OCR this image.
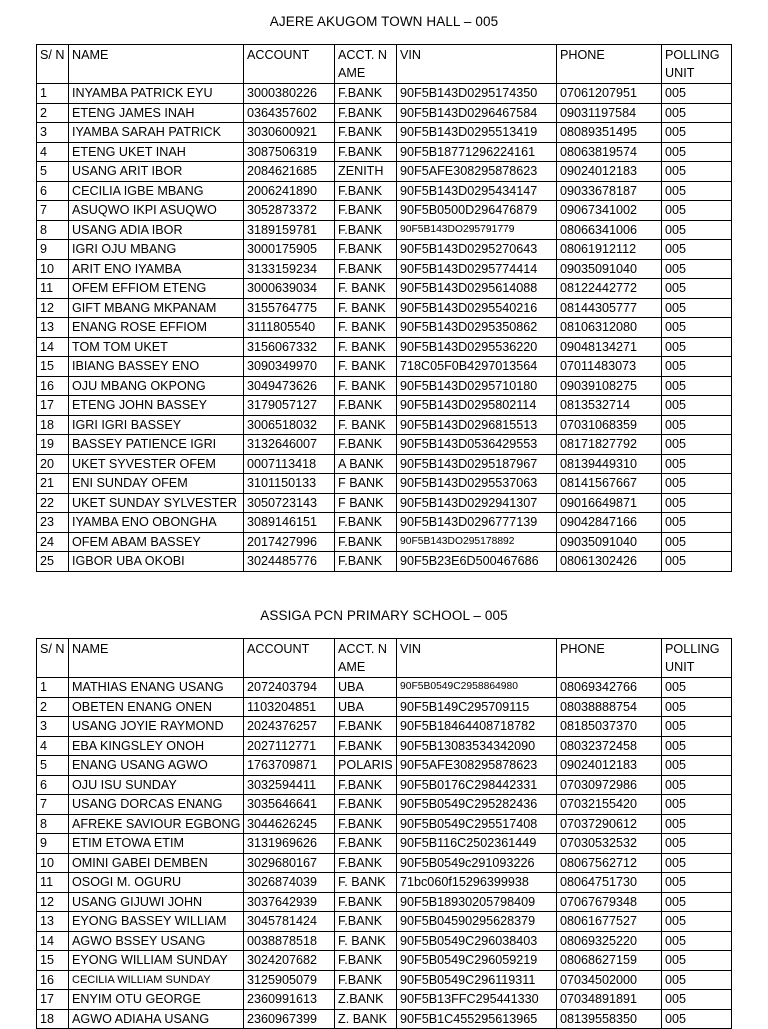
AJERE AKUGOM TOWN HALL – 005
S/ N	NAME	ACCOUNT	ACCT. NAME	VIN	PHONE	POLLING UNIT
1	INYAMBA PATRICK EYU	3000380226	F.BANK	90F5B143D0295174350	07061207951	005
2	ETENG JAMES INAH	0364357602	F.BANK	90F5B143D0296467584	09031197584	005
3	IYAMBA SARAH PATRICK	3030600921	F.BANK	90F5B143D0295513419	08089351495	005
4	ETENG UKET INAH	3087506319	F.BANK	90F5B18771296224161	08063819574	005
5	USANG ARIT IBOR	2084621685	ZENITH	90F5AFE308295878623	09024012183	005
6	CECILIA IGBE MBANG	2006241890	F.BANK	90F5B143D0295434147	09033678187	005
7	ASUQWO IKPI ASUQWO	3052873372	F.BANK	90F5B0500D296476879	09067341002	005
8	USANG ADIA IBOR	3189159781	F.BANK	90F5B143DO295791779	08066341006	005
9	IGRI OJU MBANG	3000175905	F.BANK	90F5B143D0295270643	08061912112	005
10	ARIT ENO IYAMBA	3133159234	F.BANK	90F5B143D0295774414	09035091040	005
11	OFEM EFFIOM ETENG	3000639034	F. BANK	90F5B143D0295614088	08122442772	005
12	GIFT MBANG MKPANAM	3155764775	F. BANK	90F5B143D0295540216	08144305777	005
13	ENANG ROSE EFFIOM	3111805540	F. BANK	90F5B143D0295350862	08106312080	005
14	TOM TOM UKET	3156067332	F. BANK	90F5B143D0295536220	09048134271	005
15	IBIANG BASSEY ENO	3090349970	F. BANK	718C05F0B4297013564	07011483073	005
16	OJU MBANG OKPONG	3049473626	F. BANK	90F5B143D0295710180	09039108275	005
17	ETENG JOHN BASSEY	3179057127	F.BANK	90F5B143D0295802114	0813532714	005
18	IGRI IGRI BASSEY	3006518032	F. BANK	90F5B143D0296815513	07031068359	005
19	BASSEY PATIENCE IGRI	3132646007	F.BANK	90F5B143D0536429553	08171827792	005
20	UKET SYVESTER OFEM	0007113418	A BANK	90F5B143D0295187967	08139449310	005
21	ENI SUNDAY OFEM	3101150133	F BANK	90F5B143D0295537063	08141567667	005
22	UKET SUNDAY SYLVESTER	3050723143	F BANK	90F5B143D0292941307	09016649871	005
23	IYAMBA ENO OBONGHA	3089146151	F.BANK	90F5B143D0296777139	09042847166	005
24	OFEM ABAM BASSEY	2017427996	F.BANK	90F5B143DO295178892	09035091040	005
25	IGBOR UBA OKOBI	3024485776	F.BANK	90F5B23E6D500467686	08061302426	005
ASSIGA PCN PRIMARY SCHOOL – 005
S/ N	NAME	ACCOUNT	ACCT. NAME	VIN	PHONE	POLLING UNIT
1	MATHIAS ENANG USANG	2072403794	UBA	90F5B0549C2958864980	08069342766	005
2	OBETEN ENANG ONEN	1103204851	UBA	90F5B149C295709115	08038888754	005
3	USANG JOYIE RAYMOND	2024376257	F.BANK	90F5B18464408718782	08185037370	005
4	EBA KINGSLEY ONOH	2027112771	F.BANK	90F5B13083534342090	08032372458	005
5	ENANG USANG AGWO	1763709871	POLARIS	90F5AFE308295878623	09024012183	005
6	OJU ISU SUNDAY	3032594411	F.BANK	90F5B0176C298442331	07030972986	005
7	USANG DORCAS ENANG	3035646641	F.BANK	90F5B0549C295282436	07032155420	005
8	AFREKE SAVIOUR EGBONG	3044626245	F.BANK	90F5B0549C295517408	07037290612	005
9	ETIM ETOWA ETIM	3131969626	F.BANK	90F5B116C2502361449	07030532532	005
10	OMINI GABEI DEMBEN	3029680167	F.BANK	90F5B0549c291093226	08067562712	005
11	OSOGI M. OGURU	3026874039	F. BANK	71bc060f15296399938	08064751730	005
12	USANG GIJUWI JOHN	3037642939	F.BANK	90F5B18930205798409	07067679348	005
13	EYONG BASSEY WILLIAM	3045781424	F.BANK	90F5B04590295628379	08061677527	005
14	AGWO BSSEY USANG	0038878518	F. BANK	90F5B0549C296038403	08069325220	005
15	EYONG WILLIAM SUNDAY	3024207682	F.BANK	90F5B0549C296059219	08068627159	005
16	CECILIA WILLIAM SUNDAY	3125905079	F.BANK	90F5B0549C296119311	07034502000	005
17	ENYIM OTU GEORGE	2360991613	Z.BANK	90F5B13FFC295441330	07034891891	005
18	AGWO ADIAHA USANG	2360967399	Z. BANK	90F5B1C455295613965	08139558350	005
